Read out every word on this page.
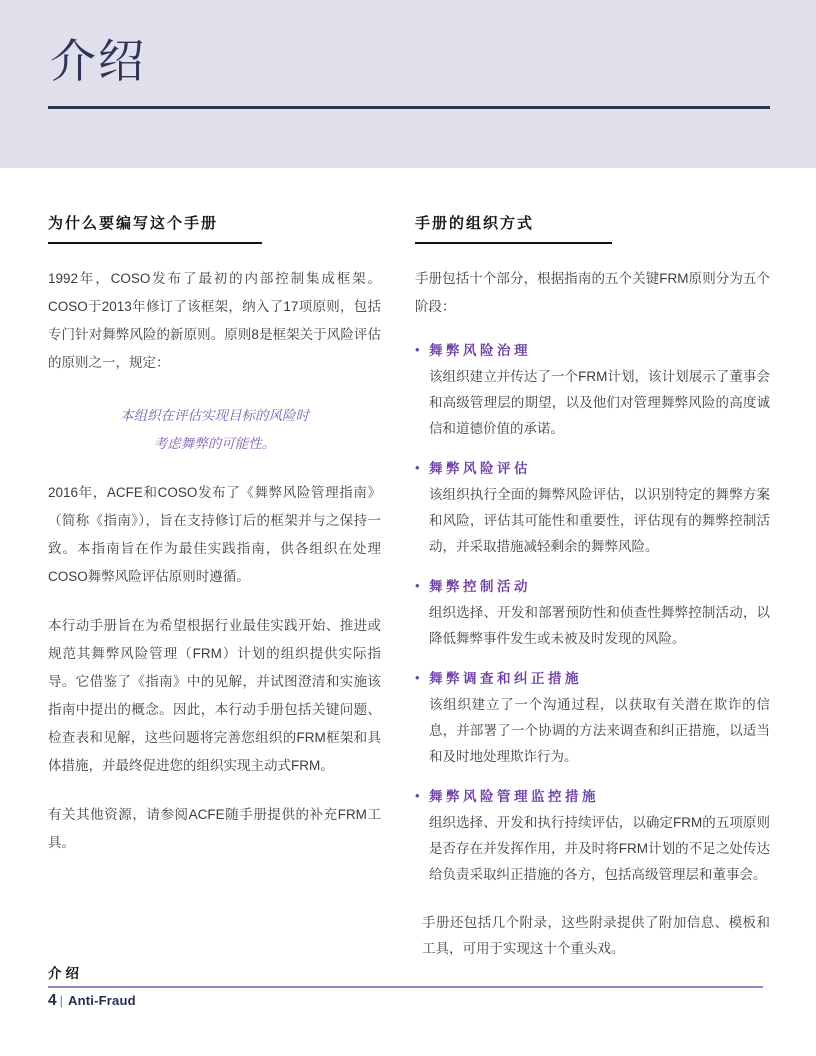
介绍
为什么要编写这个手册

1992年，COSO发布了最初的内部控制集成框架。COSO于2013年修订了该框架，纳入了17项原则，包括专门针对舞弊风险的新原则。原则8是框架关于风险评估的原则之一，规定：

本组织在评估实现目标的风险时
考虑舞弊的可能性。

2016年，ACFE和COSO发布了《舞弊风险管理指南》（简称《指南》），旨在支持修订后的框架并与之保持一致。本指南旨在作为最佳实践指南，供各组织在处理COSO舞弊风险评估原则时遵循。

本行动手册旨在为希望根据行业最佳实践开始、推进或规范其舞弊风险管理（FRM）计划的组织提供实际指导。它借鉴了《指南》中的见解，并试图澄清和实施该指南中提出的概念。因此，本行动手册包括关键问题、检查表和见解，这些问题将完善您组织的FRM框架和具体措施，并最终促进您的组织实现主动式FRM。

有关其他资源，请参阅ACFE随手册提供的补充FRM工具。

手册的组织方式

手册包括十个部分，根据指南的五个关键FRM原则分为五个阶段：

• 舞弊风险治理
该组织建立并传达了一个FRM计划，该计划展示了董事会和高级管理层的期望，以及他们对管理舞弊风险的高度诚信和道德价值的承诺。
• 舞弊风险评估
该组织执行全面的舞弊风险评估，以识别特定的舞弊方案和风险，评估其可能性和重要性，评估现有的舞弊控制活动，并采取措施减轻剩余的舞弊风险。
• 舞弊控制活动
组织选择、开发和部署预防性和侦查性舞弊控制活动，以降低舞弊事件发生或未被及时发现的风险。
• 舞弊调查和纠正措施
该组织建立了一个沟通过程，以获取有关潜在欺诈的信息，并部署了一个协调的方法来调查和纠正措施，以适当和及时地处理欺诈行为。
• 舞弊风险管理监控措施
组织选择、开发和执行持续评估，以确定FRM的五项原则是否存在并发挥作用，并及时将FRM计划的不足之处传达给负责采取纠正措施的各方，包括高级管理层和董事会。

手册还包括几个附录，这些附录提供了附加信息、模板和工具，可用于实现这十个重头戏。

介绍
4 | Anti-Fraud
